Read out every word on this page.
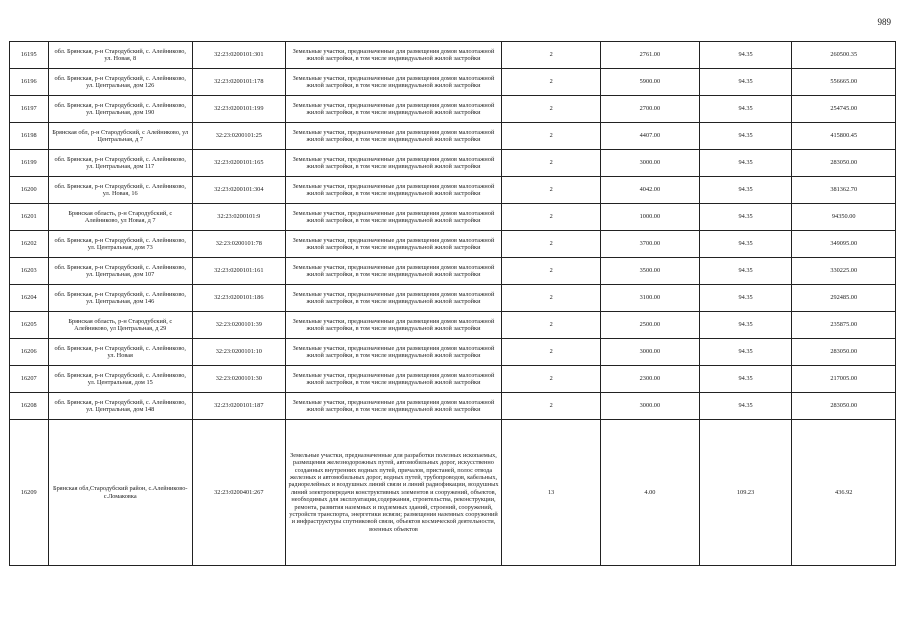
989
16195	обл. Брянская, р-н Стародубский, с. Алейниково, ул. Новая, 8	32:23:0200101:301	Земельные участки, предназначенные для размещения домов малоэтажной жилой застройки, в том числе индивидуальной жилой застройки	2	2761.00	94.35	260500.35
16196	обл. Брянская, р-н Стародубский, с. Алейниково, ул. Центральная, дом 126	32:23:0200101:178	Земельные участки, предназначенные для размещения домов малоэтажной жилой застройки, в том числе индивидуальной жилой застройки	2	5900.00	94.35	556665.00
16197	обл. Брянская, р-н Стародубский, с. Алейниково, ул. Центральная, дом 190	32:23:0200101:199	Земельные участки, предназначенные для размещения домов малоэтажной жилой застройки, в том числе индивидуальной жилой застройки	2	2700.00	94.35	254745.00
16198	Брянская обл, р-н Стародубский, с Алейниково, ул Центральная, д 7	32:23:0200101:25	Земельные участки, предназначенные для размещения домов малоэтажной жилой застройки, в том числе индивидуальной жилой застройки	2	4407.00	94.35	415800.45
16199	обл. Брянская, р-н Стародубский, с. Алейниково, ул. Центральная, дом 117	32:23:0200101:165	Земельные участки, предназначенные для размещения домов малоэтажной жилой застройки, в том числе индивидуальной жилой застройки	2	3000.00	94.35	283050.00
16200	обл. Брянская, р-н Стародубский, с. Алейниково, ул. Новая, 16	32:23:0200101:304	Земельные участки, предназначенные для размещения домов малоэтажной жилой застройки, в том числе индивидуальной жилой застройки	2	4042.00	94.35	381362.70
16201	Брянская область, р-н Стародубский, с Алейниково, ул Новая, д 7	32:23:0200101:9	Земельные участки, предназначенные для размещения домов малоэтажной жилой застройки, в том числе индивидуальной жилой застройки	2	1000.00	94.35	94350.00
16202	обл. Брянская, р-н Стародубский, с. Алейниково, ул. Центральная, дом 73	32:23:0200101:78	Земельные участки, предназначенные для размещения домов малоэтажной жилой застройки, в том числе индивидуальной жилой застройки	2	3700.00	94.35	349095.00
16203	обл. Брянская, р-н Стародубский, с. Алейниково, ул. Центральная, дом 107	32:23:0200101:161	Земельные участки, предназначенные для размещения домов малоэтажной жилой застройки, в том числе индивидуальной жилой застройки	2	3500.00	94.35	330225.00
16204	обл. Брянская, р-н Стародубский, с. Алейниково, ул. Центральная, дом 146	32:23:0200101:186	Земельные участки, предназначенные для размещения домов малоэтажной жилой застройки, в том числе индивидуальной жилой застройки	2	3100.00	94.35	292485.00
16205	Брянская область, р-н Стародубский, с Алейниково, ул Центральная, д 29	32:23:0200101:39	Земельные участки, предназначенные для размещения домов малоэтажной жилой застройки, в том числе индивидуальной жилой застройки	2	2500.00	94.35	235875.00
16206	обл. Брянская, р-н Стародубский, с. Алейниково, ул. Новая	32:23:0200101:10	Земельные участки, предназначенные для размещения домов малоэтажной жилой застройки, в том числе индивидуальной жилой застройки	2	3000.00	94.35	283050.00
16207	обл. Брянская, р-н Стародубский, с. Алейниково, ул. Центральная, дом 15	32:23:0200101:30	Земельные участки, предназначенные для размещения домов малоэтажной жилой застройки, в том числе индивидуальной жилой застройки	2	2300.00	94.35	217005.00
16208	обл. Брянская, р-н Стародубский, с. Алейниково, ул. Центральная, дом 148	32:23:0200101:187	Земельные участки, предназначенные для размещения домов малоэтажной жилой застройки, в том числе индивидуальной жилой застройки	2	3000.00	94.35	283050.00
16209	Брянская обл,Стародубский район, с.Алейниково-с.Ломаковка	32:23:0200401:267	Земельные участки, предназначенные для разработки полезных ископаемых, размещения железнодорожных путей, автомобильных дорог, искусственно созданных внутренних водных путей, причалов, пристаней, полос отвода железных и автомобильных дорог, водных путей, трубопроводов, кабельных, радиорелейных и воздушных линий связи и линий радиофикации, воздушных линий электропередачи конструктивных элементов и сооружений, объектов, необходимых для эксплуатации,содержания, строительства, реконструкции, ремонта, развития наземных и подземных зданий, строений, сооружений, устройств транспорта, энергетики исвязи; размещения наземных сооружений и инфраструктуры спутниковой связи, объектов космической деятельности, военных объектов	13	4.00	109.23	436.92
